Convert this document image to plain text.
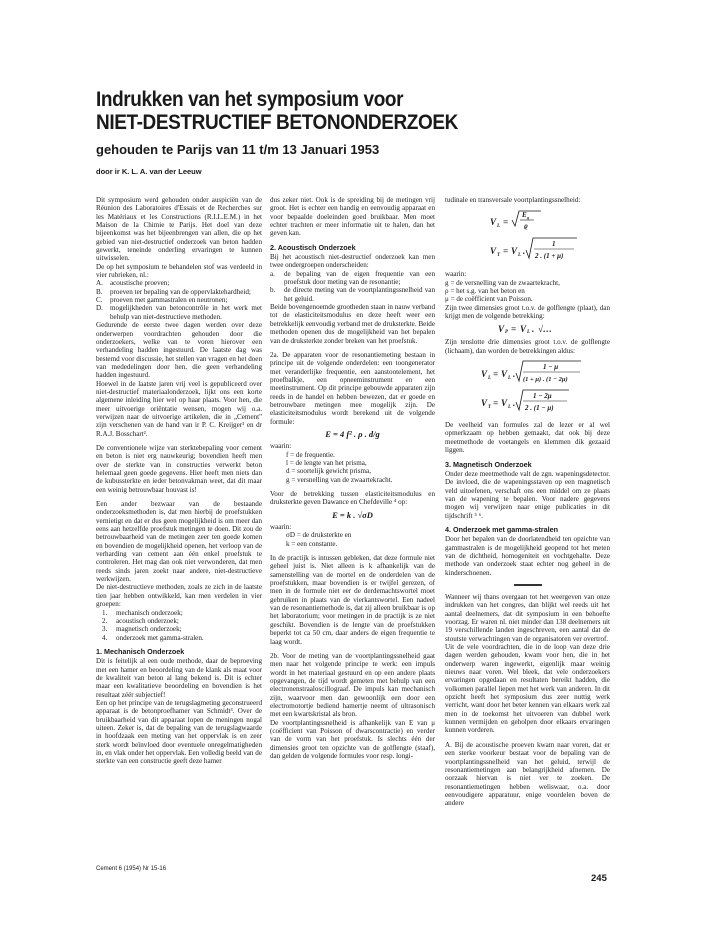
Indrukken van het symposium voor
NIET-DESTRUCTIEF BETONONDERZOEK
gehouden te Parijs van 11 t/m 13 Januari 1953

door ir K. L. A. van der Leeuw

Dit symposium werd gehouden onder auspiciën van de Réunion des Laboratoires d'Essais et de Recherches sur les Matériaux et les Constructions (R.I.L.E.M.) in het Maison de la Chimie te Parijs. Het doel van deze bijeenkomst was het bijeenbrengen van allen, die op het gebied van niet-destructief onderzoek van beton hadden gewerkt, teneinde onderling ervaringen te kunnen uitwisselen.

De op het symposium te behandelen stof was verdeeld in vier rubrieken, nl.:

A. acoustische proeven;
B.	proeven ter bepaling van de oppervlaktehardheid;
C.	proeven met gammastralen en neutronen;
D. mogelijkheden van betoncontrôle in het werk met behulp van niet-destructieve methoden.

Gedurende de eerste twee dagen werden over deze onderwerpen voordrachten gehouden door die onderzoekers, welke van te voren hierover een verhandeling hadden ingestuurd. De laatste dag was bestemd voor discussie, het stellen van vragen en het doen van mededelingen door hen, die geen verhandeling hadden ingestuurd.

Hoewel in de laatste jaren vrij veel is gepubliceerd over niet-destructief materiaalonderzoek, lijkt ons een korte algemene inleiding hier wel op haar plaats. Voor hen, die meer uitvoerige oriëntatie wensen, mogen wij o.a. verwijzen naar de uitvoerige artikelen, die in „Cement" zijn verschenen van de hand van ir P. C. Kreijger¹ en dr R.A.J. Bosschart².

De conventionele wijze van sterktebepaling voor cement en beton is niet erg nauwkeurig; bovendien heeft men over de sterkte van in constructies verwerkt beton helemaal geen goede gegevens. Hier heeft men niets dan de kubussterkte en ieder betonvakman weet, dat dit maar een weinig betrouwbaar houvast is!

Een ander bezwaar van de bestaande onderzoeksmethoden is, dat men hierbij de proefstukken vernietigt en dat er dus geen mogelijkheid is om meer dan eens aan hetzelfde proefstuk metingen te doen. Dit zou de betrouwbaarheid van de metingen zeer ten goede komen en bovendien de mogelijkheid openen, het verloop van de verharding van cement aan één enkel proefstuk te controleren. Het mag dan ook niet verwonderen, dat men reeds sinds jaren zoekt naar andere, niet-destructieve werkwijzen.

De niet-destructieve methoden, zoals ze zich in de laatste tien jaar hebben ontwikkeld, kan men verdelen in vier groepen:

1.	mechanisch onderzoek;
2.	acoustisch onderzoek;
3.	magnetisch onderzoek;
4.	onderzoek met gamma-stralen.
1. Mechanisch Onderzoek

Dit is feitelijk al een oude methode, daar de beproeving met een hamer en beoordeling van de klank als maat voor de kwaliteit van beton al lang bekend is. Dit is echter maar een kwalitatieve beoordeling en bovendien is het resultaat zéér subjectief!

Een op het principe van de terugslagmeting geconstrueerd apparaat is de betonproefhamer van Schmidt³. Over de bruikbaarheid van dit apparaat lopen de meningen nogal uiteen. Zeker is, dat de bepaling van de terugslagwaarde in hoofdzaak een meting van het oppervlak is en zeer sterk wordt beïnvloed door eventuele onregelmatigheden in, en vlak onder het oppervlak. Een volledig beeld van de sterkte van een constructie geeft deze hamer

dus zeker niet. Ook is de spreiding bij de metingen vrij groot. Het is echter een handig en eenvoudig apparaat en voor bepaalde doeleinden goed bruikbaar. Men moet echter trachten er meer informatie uit te halen, dan het geven kan.

2. Acoustisch Onderzoek

Bij het acoustisch niet-destructief onderzoek kan men twee ondergroepen onderscheiden:

a.	de bepaling van de eigen frequentie van een proefstuk door meting van de resonantie;
b.	de directe meting van de voortplantingssnelheid van het geluid.

Beide bovengenoemde grootheden staan in nauw verband tot de elasticiteitsmodulus en deze heeft weer een betrekkelijk eenvoudig verband met de druksterkte. Beide methoden openen dus de mogelijkheid van het bepalen van de druksterkte zonder breken van het proefstuk.

2a. De apparaten voor de resonantiemeting bestaan in principe uit de volgende onderdelen: een toongenerator met veranderlijke frequentie, een aanstootelement, het proefbalkje, een opneeminstrument en een meetinstrument. Op dit principe gebouwde apparaten zijn reeds in de handel en hebben bewezen, dat er goede en betrouwbare metingen mee mogelijk zijn. De elasticiteitsmodulus wordt berekend uit de volgende formule:

E = 4 f² . ρ . d/g

waarin:

f = de frequentie.
l = de lengte van het prisma,
d = soortelijk gewicht prisma,
g = versnelling van de zwaartekracht.

Voor de betrekking tussen elasticiteitsmodulus en druksterkte geven Dawance en Chefdeville ⁴ op:

E = k . √σD

waarin:

σD = de druksterkte en
k = een constante.

In de practijk is intussen gebleken, dat deze formule niet geheel juist is. Niet alleen is k afhankelijk van de samenstelling van de mortel en de onderdelen van de proefstukken, maar bovendien is er twijfel gerezen, of men in de formule niet eer de derdemachtswortel moet gebruiken in plaats van de vierkantswortel. Een nadeel van de resonantiemethode is, dat zij alleen bruikbaar is op het laboratorium; voor metingen in de practijk is ze niet geschikt. Bovendien is de lengte van de proefstukken beperkt tot ca 50 cm, daar anders de eigen frequentie te laag wordt.

2b. Voor de meting van de voortplantingssnelheid gaat men naar het volgende principe te werk: een impuls wordt in het materiaal gestuurd en op een andere plaats opgevangen, de tijd wordt gemeten met behulp van een electronenstraaloscillograaf. De impuls kan mechanisch zijn, waarvoor men dan gewoonlijk een door een electromotortje bediend hamertje neemt of ultrasonisch met een kwartskristal als bron.

De voortplantingssnelheid is afhankelijk van E van μ (coëfficient van Poisson of dwarscontractie) en verder van de vorm van het proefstuk. Is slechts één der dimensies groot ten opzichte van de golflengte (staaf), dan gelden de volgende formules voor resp. longi-

tudinale en transversale voortplantingssnelheid:

V L =
E g
ϱ
V T = V L .
1
2 . (1 + μ)

waarin:

g = de versnelling van de zwaartekracht,
ρ = het s.g. van het beton en
μ = de coëfficient van Poisson.

Zijn twee dimensies groot t.o.v. de golflengte (plaat), dan krijgt men de volgende betrekking:

V P = V L . √…

Zijn tenslotte drie dimensies groot t.o.v. de golflengte (lichaam), dan worden de betrekkingen aldus:

V L = V L .
1 − μ
(1 + μ) . (1 − 2μ)
V T = V L .
1 − 2μ
2 . (1 − μ)

De veelheid van formules zal de lezer er al wel opmerkzaam op hebben gemaakt, dat ook bij deze meetmethode de voetangels en klemmen dik gezaaid liggen.

3. Magnetisch Onderzoek

Onder deze meetmethode valt de zgn. wapeningsdetector. De invloed, die de wapeningsstaven op een magnetisch veld uitoefenen, verschaft ons een middel om ze plaats van de wapening te bepalen. Voor nadere gegevens mogen wij verwijzen naar enige publicaties in dit tijdschrift ⁵ ⁶.

4. Onderzoek met gamma-stralen

Door het bepalen van de doorlatendheid ten opzichte van gammastralen is de mogelijkheid geopend tot het meten van de dichtheid, homogeniteit en vochtgehalte. Deze methode van onderzoek staat echter nog geheel in de kinderschoenen.

Wanneer wij thans overgaan tot het weergeven van onze indrukken van het congres, dan blijkt wel reeds uit het aantal deelnemers, dat dit symposium in een behoefte voorzag. Er waren nl. niet minder dan 138 deelnemers uit 19 verschillende landen ingeschreven, een aantal dat de stoutste verwachtingen van de organisatoren ver overtrof.

Uit de vele voordrachten, die in de loop van deze drie dagen werden gehouden, kwam voor hen, die in het onderwerp waren ingewerkt, eigenlijk maar weinig nieuws naar voren. Wel bleek, dat vele onderzoekers ervaringen opgedaan en resultaten bereikt hadden, die volkomen parallel liepen met het werk van anderen. In dit opzicht heeft het symposium dus zeer nuttig werk verricht, want door het beter kennen van elkaars werk zal men in de toekomst het uitvoeren van dubbel werk kunnen vermijden en geholpen door elkaars ervaringen kunnen vorderen.

A. Bij de acoustische proeven kwam naar voren, dat er een sterke voorkeur bestaat voor de bepaling van de voortplantingssnelheid van het geluid, terwijl de resonantiemetingen aan belangrijkheid afnemen. De oorzaak hiervan is niet ver te zoeken. De resonantiemetingen hebben weliswaar, o.a. door eenvoudigere apparatuur, enige voordelen boven de andere

Cement 6 (1954) Nr 15-16

245
